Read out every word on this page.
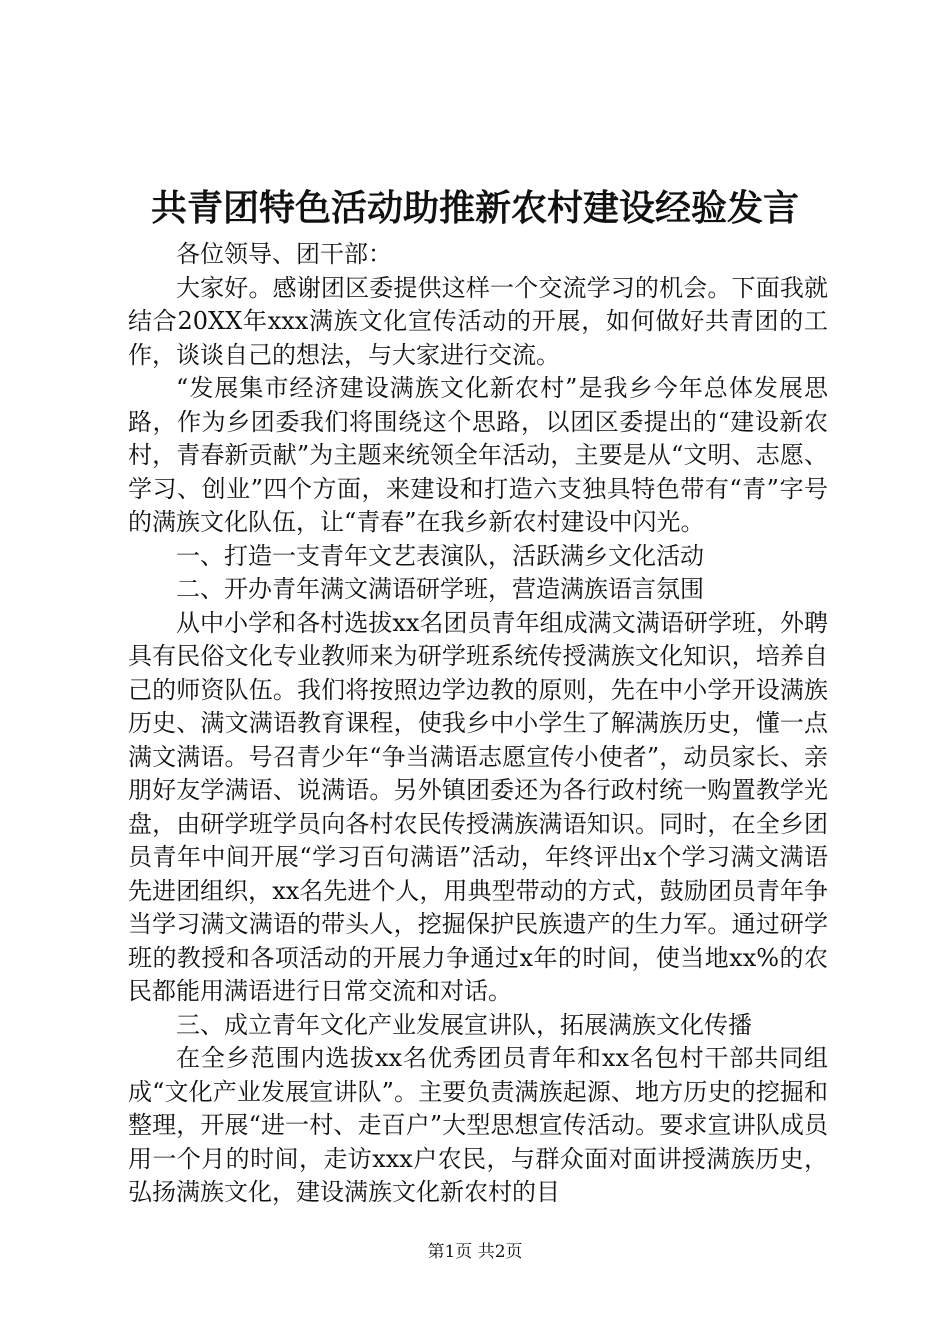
共青团特色活动助推新农村建设经验发言

各位领导、团干部：

大家好。感谢团区委提供这样一个交流学习的机会。下面我就结合20XX年xxx满族文化宣传活动的开展，如何做好共青团的工作，谈谈自己的想法，与大家进行交流。

“发展集市经济建设满族文化新农村”是我乡今年总体发展思路，作为乡团委我们将围绕这个思路，以团区委提出的“建设新农村，青春新贡献”为主题来统领全年活动，主要是从“文明、志愿、学习、创业”四个方面，来建设和打造六支独具特色带有“青”字号的满族文化队伍，让“青春”在我乡新农村建设中闪光。

一、打造一支青年文艺表演队，活跃满乡文化活动

二、开办青年满文满语研学班，营造满族语言氛围

从中小学和各村选拔xx名团员青年组成满文满语研学班，外聘具有民俗文化专业教师来为研学班系统传授满族文化知识，培养自己的师资队伍。我们将按照边学边教的原则，先在中小学开设满族历史、满文满语教育课程，使我乡中小学生了解满族历史，懂一点满文满语。号召青少年“争当满语志愿宣传小使者”，动员家长、亲朋好友学满语、说满语。另外镇团委还为各行政村统一购置教学光盘，由研学班学员向各村农民传授满族满语知识。同时，在全乡团员青年中间开展“学习百句满语”活动，年终评出x个学习满文满语先进团组织，xx名先进个人，用典型带动的方式，鼓励团员青年争当学习满文满语的带头人，挖掘保护民族遗产的生力军。通过研学班的教授和各项活动的开展力争通过x年的时间，使当地xx%的农民都能用满语进行日常交流和对话。

三、成立青年文化产业发展宣讲队，拓展满族文化传播

在全乡范围内选拔xx名优秀团员青年和xx名包村干部共同组成“文化产业发展宣讲队”。主要负责满族起源、地方历史的挖掘和整理，开展“进一村、走百户”大型思想宣传活动。要求宣讲队成员用一个月的时间，走访xxx户农民，与群众面对面讲授满族历史，弘扬满族文化，建设满族文化新农村的目

第1页 共2页
